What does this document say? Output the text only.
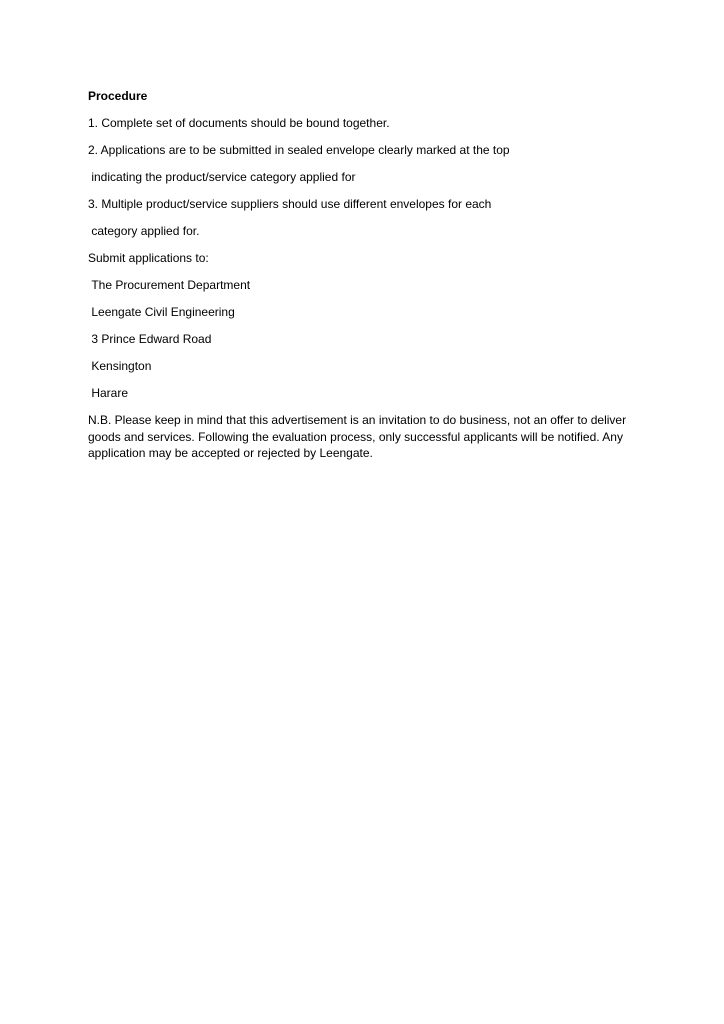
Procedure

1. Complete set of documents should be bound together.

2. Applications are to be submitted in sealed envelope clearly marked at the top

indicating the product/service category applied for

3. Multiple product/service suppliers should use different envelopes for each

category applied for.

Submit applications to:

The Procurement Department

Leengate Civil Engineering

3 Prince Edward Road

Kensington

Harare

N.B. Please keep in mind that this advertisement is an invitation to do business, not an offer to deliver goods and services. Following the evaluation process, only successful applicants will be notified. Any application may be accepted or rejected by Leengate.
